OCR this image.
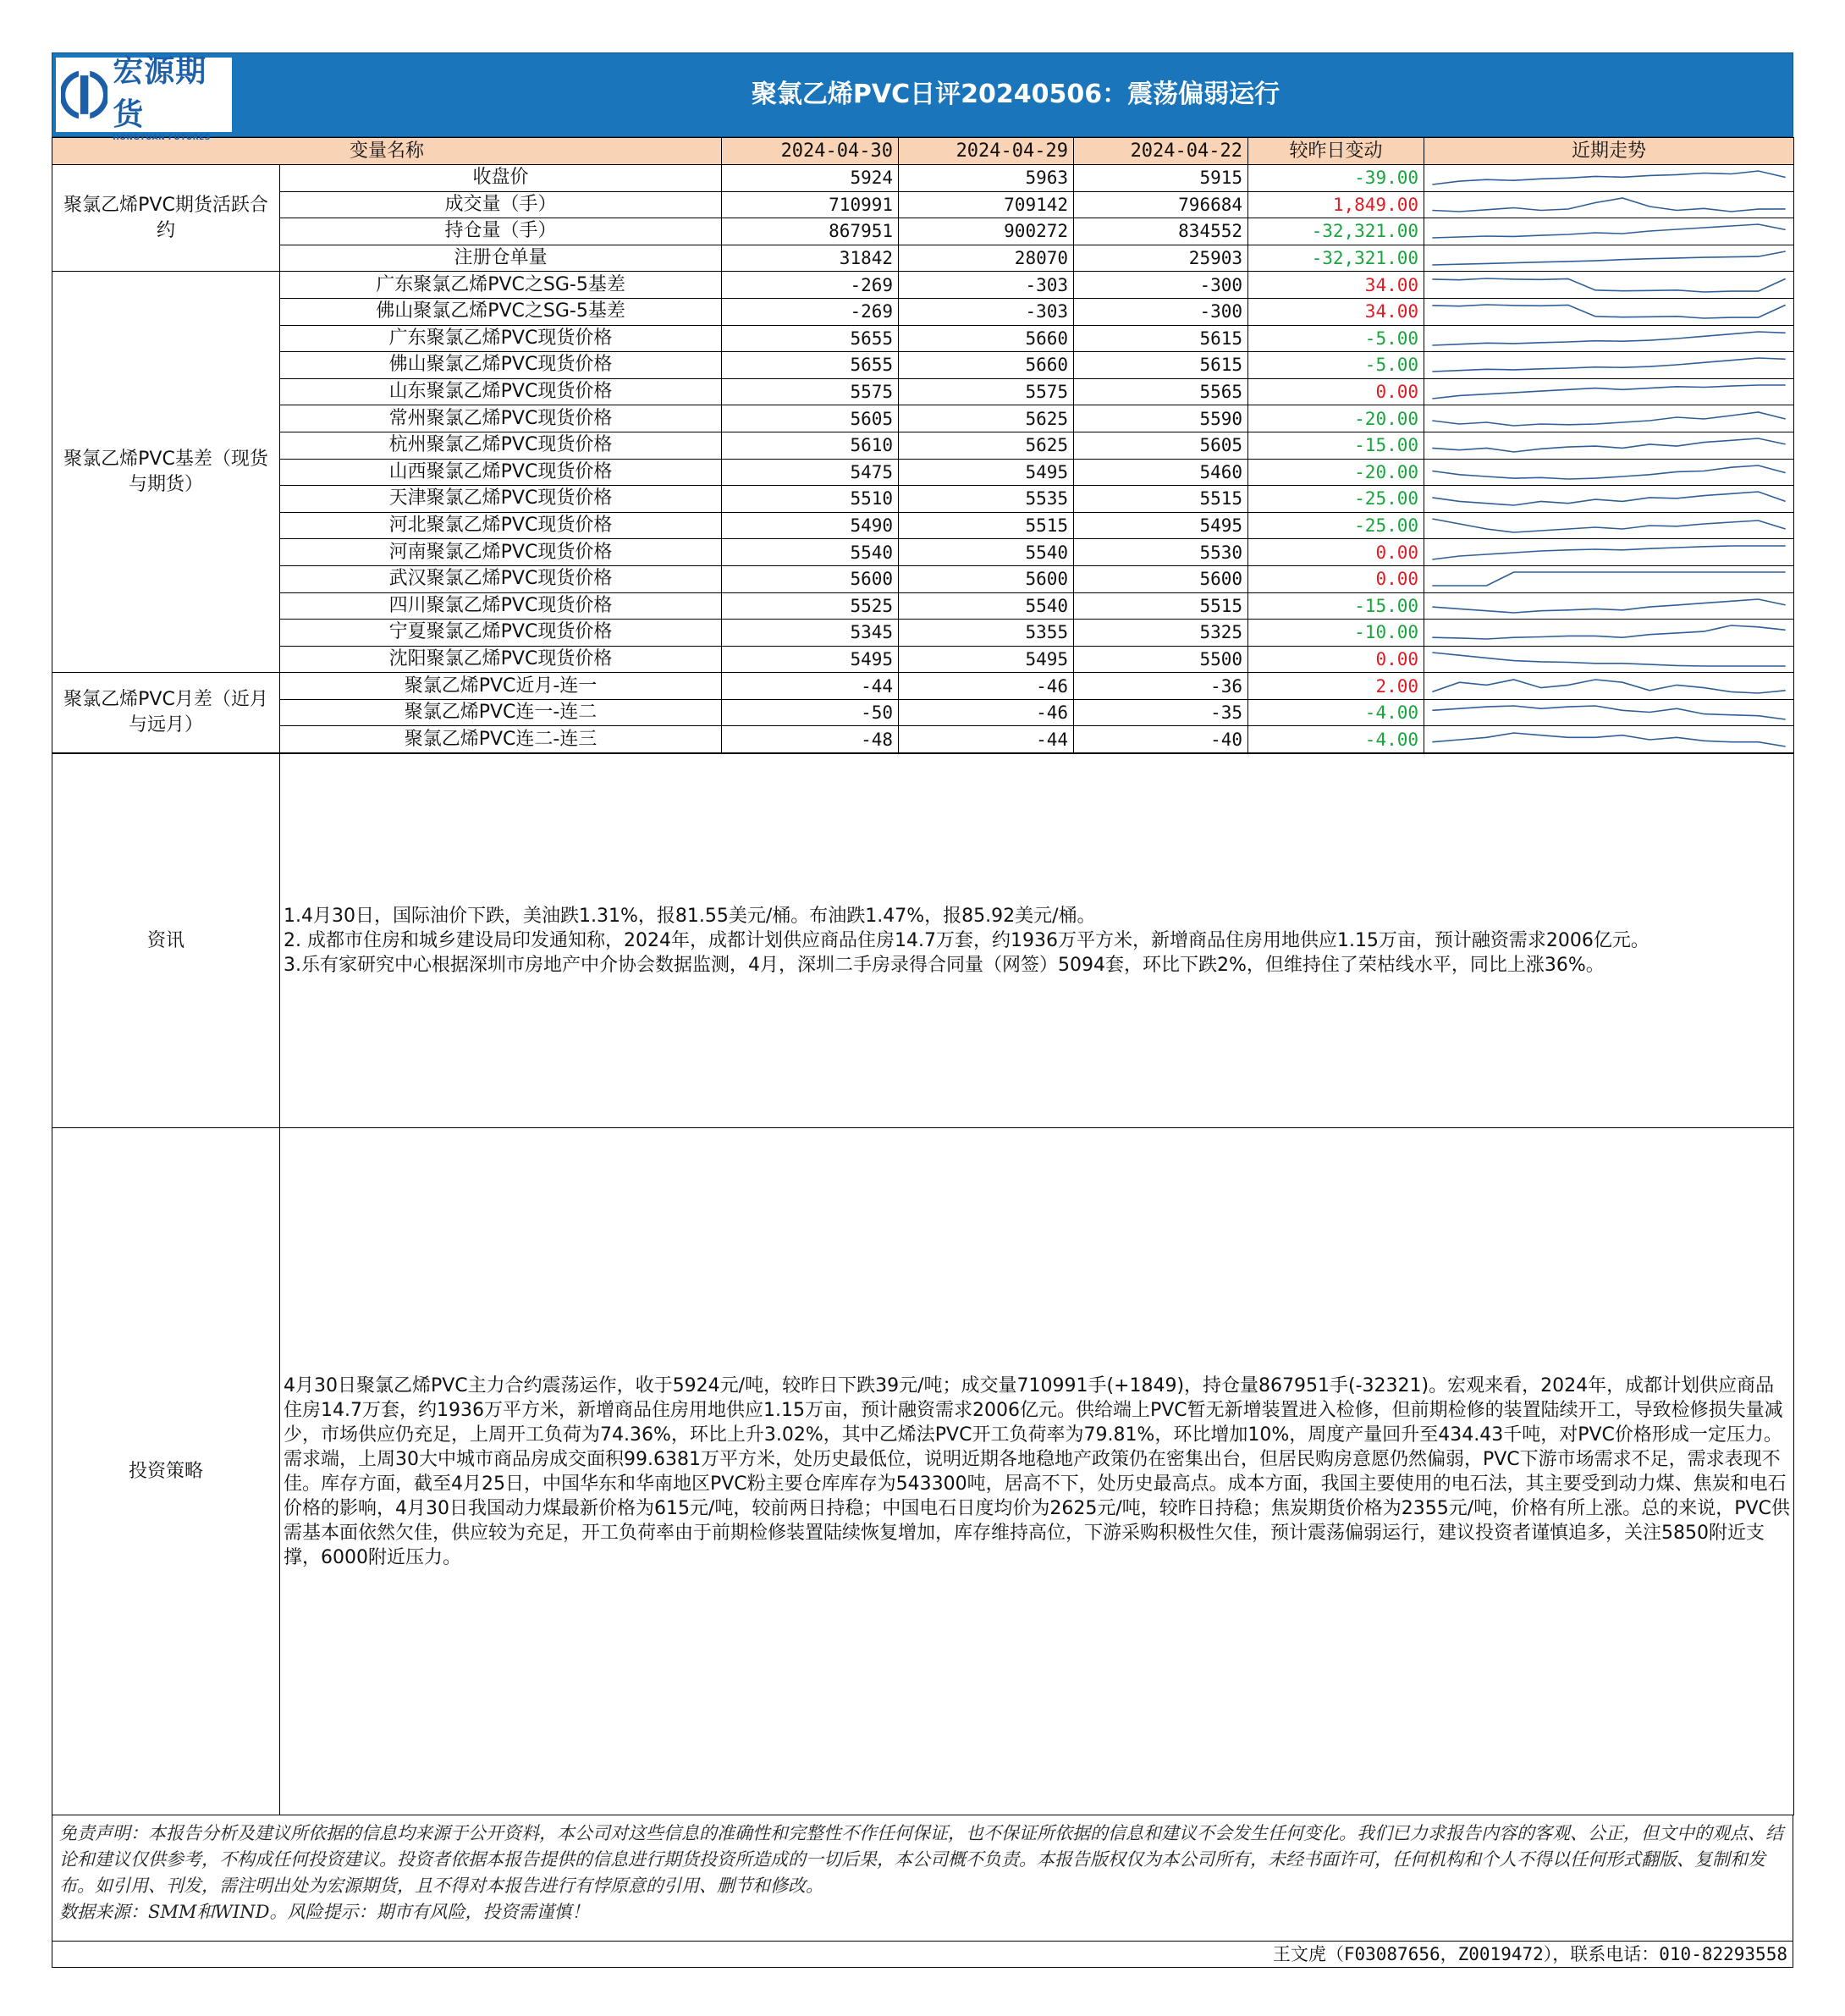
宏源期货
HONGYUAN FUTURES
聚氯乙烯PVC日评20240506：震荡偏弱运行
变量名称		2024-04-30	2024-04-29	2024-04-22	较昨日变动	近期走势
聚氯乙烯PVC期货活跃合约	收盘价	5924	5963	5915	-39.00	

	成交量（手）	710991	709142	796684	1,849.00	

	持仓量（手）	867951	900272	834552	-32,321.00	

	注册仓单量	31842	28070	25903	-32,321.00	

聚氯乙烯PVC基差（现货与期货）	广东聚氯乙烯PVC之SG-5基差	-269	-303	-300	34.00	

	佛山聚氯乙烯PVC之SG-5基差	-269	-303	-300	34.00	

	广东聚氯乙烯PVC现货价格	5655	5660	5615	-5.00	

	佛山聚氯乙烯PVC现货价格	5655	5660	5615	-5.00	

	山东聚氯乙烯PVC现货价格	5575	5575	5565	0.00	

	常州聚氯乙烯PVC现货价格	5605	5625	5590	-20.00	

	杭州聚氯乙烯PVC现货价格	5610	5625	5605	-15.00	

	山西聚氯乙烯PVC现货价格	5475	5495	5460	-20.00	

	天津聚氯乙烯PVC现货价格	5510	5535	5515	-25.00	

	河北聚氯乙烯PVC现货价格	5490	5515	5495	-25.00	

	河南聚氯乙烯PVC现货价格	5540	5540	5530	0.00	

	武汉聚氯乙烯PVC现货价格	5600	5600	5600	0.00	

	四川聚氯乙烯PVC现货价格	5525	5540	5515	-15.00	

	宁夏聚氯乙烯PVC现货价格	5345	5355	5325	-10.00	

	沈阳聚氯乙烯PVC现货价格	5495	5495	5500	0.00	

聚氯乙烯PVC月差（近月与远月）	聚氯乙烯PVC近月-连一	-44	-46	-36	2.00	

	聚氯乙烯PVC连一-连二	-50	-46	-35	-4.00	

	聚氯乙烯PVC连二-连三	-48	-44	-40	-4.00	
资讯	1.4月30日，国际油价下跌，美油跌1.31%，报81.55美元/桶。布油跌1.47%，报85.92美元/桶。
2. 成都市住房和城乡建设局印发通知称，2024年，成都计划供应商品住房14.7万套，约1936万平方米，新增商品住房用地供应1.15万亩，预计融资需求2006亿元。
3.乐有家研究中心根据深圳市房地产中介协会数据监测，4月，深圳二手房录得合同量（网签）5094套，环比下跌2%，但维持住了荣枯线水平，同比上涨36%。

投资策略	4月30日聚氯乙烯PVC主力合约震荡运作，收于5924元/吨，较昨日下跌39元/吨；成交量710991手(+1849)，持仓量867951手(-32321)。宏观来看，2024年，成都计划供应商品住房14.7万套，约1936万平方米，新增商品住房用地供应1.15万亩，预计融资需求2006亿元。供给端上PVC暂无新增装置进入检修，但前期检修的装置陆续开工，导致检修损失量减少，市场供应仍充足，上周开工负荷为74.36%，环比上升3.02%，其中乙烯法PVC开工负荷率为79.81%，环比增加10%，周度产量回升至434.43千吨，对PVC价格形成一定压力。需求端，上周30大中城市商品房成交面积99.6381万平方米，处历史最低位，说明近期各地稳地产政策仍在密集出台，但居民购房意愿仍然偏弱，PVC下游市场需求不足，需求表现不佳。库存方面，截至4月25日，中国华东和华南地区PVC粉主要仓库库存为543300吨，居高不下，处历史最高点。成本方面，我国主要使用的电石法，其主要受到动力煤、焦炭和电石价格的影响，4月30日我国动力煤最新价格为615元/吨，较前两日持稳；中国电石日度均价为2625元/吨，较昨日持稳；焦炭期货价格为2355元/吨，价格有所上涨。总的来说，PVC供需基本面依然欠佳，供应较为充足，开工负荷率由于前期检修装置陆续恢复增加，库存维持高位，下游采购积极性欠佳，预计震荡偏弱运行，建议投资者谨慎追多，关注5850附近支撑，6000附近压力。
免责声明：本报告分析及建议所依据的信息均来源于公开资料，本公司对这些信息的准确性和完整性不作任何保证，也不保证所依据的信息和建议不会发生任何变化。我们已力求报告内容的客观、公正，但文中的观点、结论和建议仅供参考，不构成任何投资建议。投资者依据本报告提供的信息进行期货投资所造成的一切后果，本公司概不负责。本报告版权仅为本公司所有，未经书面许可，任何机构和个人不得以任何形式翻版、复制和发布。如引用、刊发，需注明出处为宏源期货，且不得对本报告进行有悖原意的引用、删节和修改。
数据来源：SMM和WIND。风险提示：期市有风险，投资需谨慎！
王文虎（F03087656，Z0019472），联系电话：010-82293558
